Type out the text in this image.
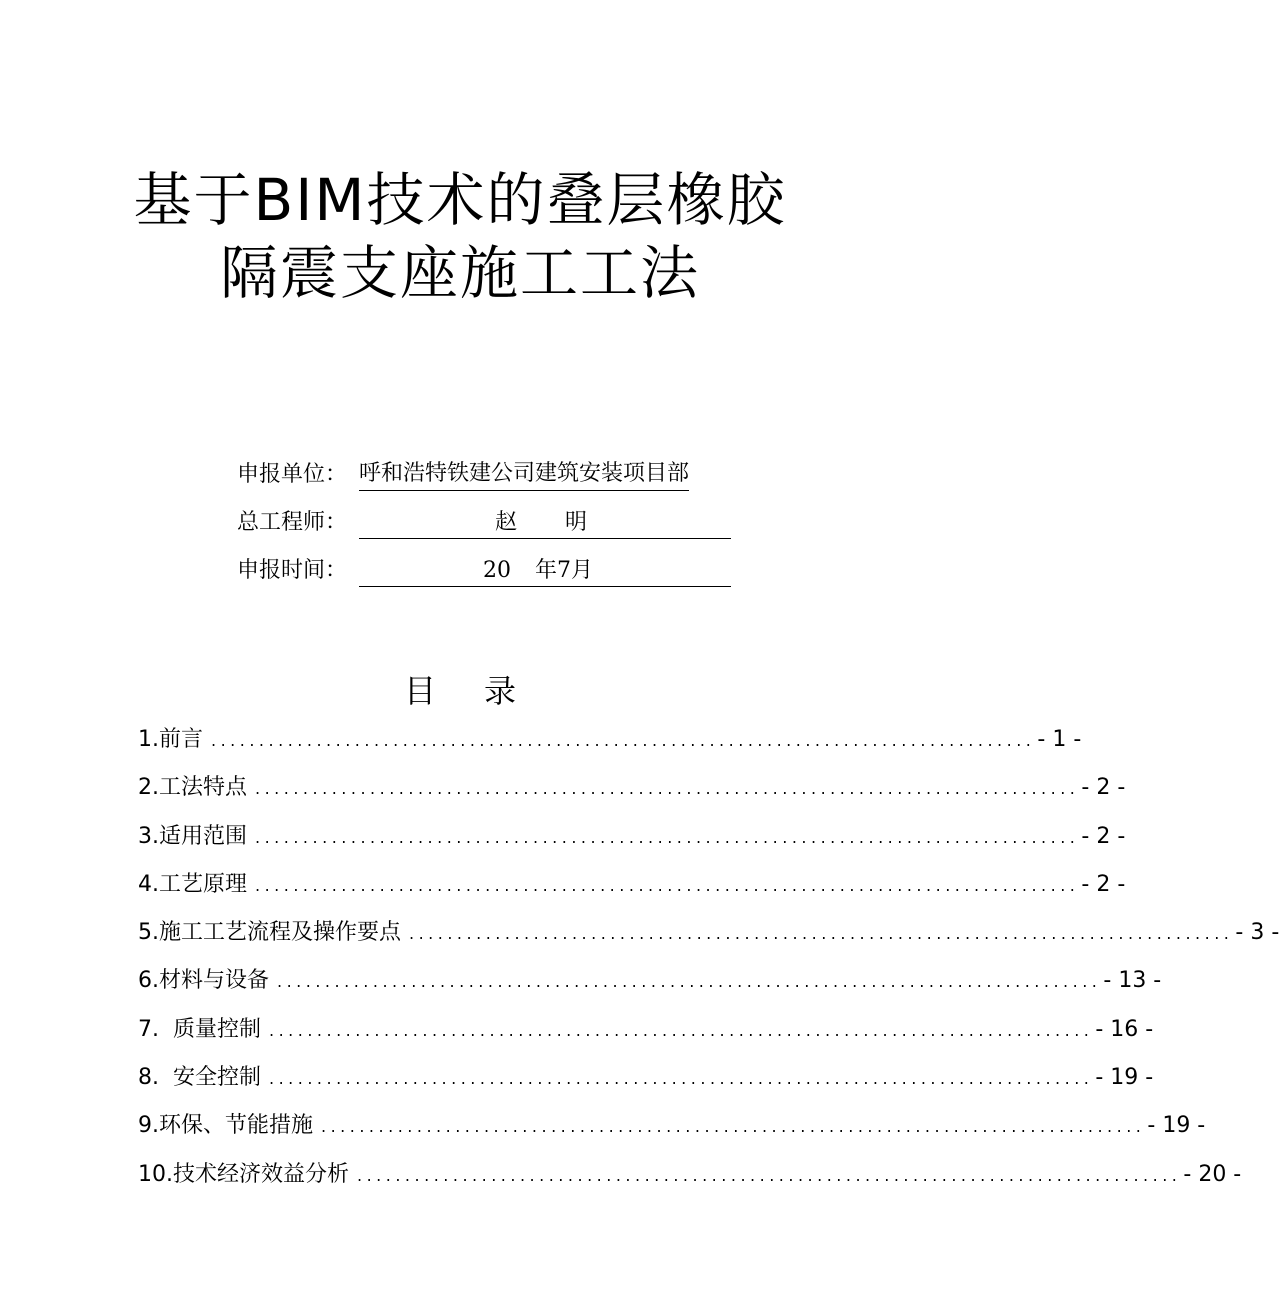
基于BIM技术的叠层橡胶
隔震支座施工工法
申报单位： 呼和浩特铁建公司建筑安装项目部
总工程师：	赵 明
申报时间：	20 年7月
目 录
1.前言 ...................................................................................... - 1 -
2.工法特点 ...................................................................................... - 2 -
3.适用范围 ...................................................................................... - 2 -
4.工艺原理 ...................................................................................... - 2 -
5.施工工艺流程及操作要点 ...................................................................................... - 3 -
6.材料与设备 ...................................................................................... - 13 -
7.  质量控制 ...................................................................................... - 16 -
8.  安全控制 ...................................................................................... - 19 -
9.环保、节能措施 ...................................................................................... - 19 -
10.技术经济效益分析 ...................................................................................... - 20 -
